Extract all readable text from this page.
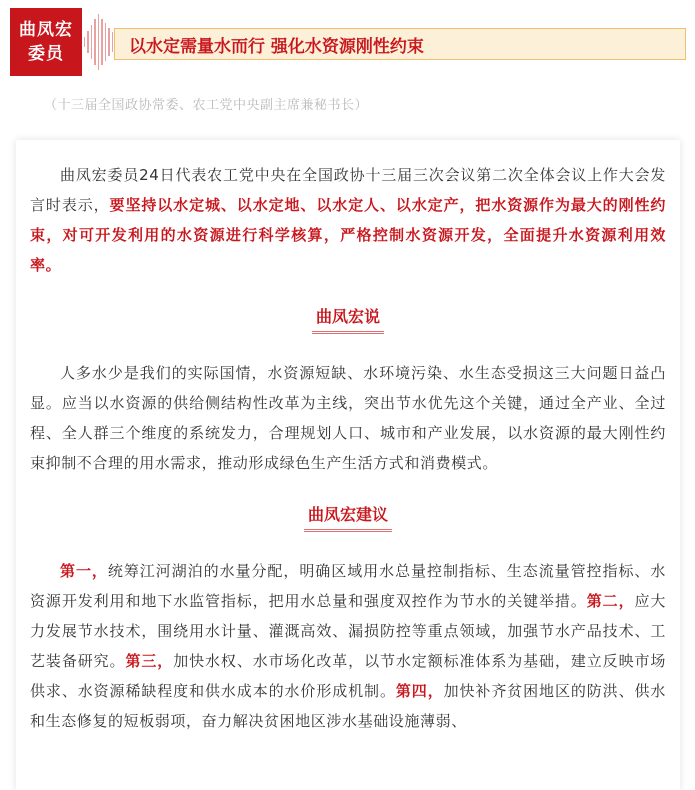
曲凤宏
委员	以水定需量水而行 强化水资源刚性约束
（十三届全国政协常委、农工党中央副主席兼秘书长）

曲凤宏委员24日代表农工党中央在全国政协十三届三次会议第二次全体会议上作大会发言时表示，要坚持以水定城、以水定地、以水定人、以水定产，把水资源作为最大的刚性约束，对可开发利用的水资源进行科学核算，严格控制水资源开发，全面提升水资源利用效率。

曲凤宏说

人多水少是我们的实际国情，水资源短缺、水环境污染、水生态受损这三大问题日益凸显。应当以水资源的供给侧结构性改革为主线，突出节水优先这个关键，通过全产业、全过程、全人群三个维度的系统发力，合理规划人口、城市和产业发展，以水资源的最大刚性约束抑制不合理的用水需求，推动形成绿色生产生活方式和消费模式。

曲凤宏建议

第一，统筹江河湖泊的水量分配，明确区域用水总量控制指标、生态流量管控指标、水资源开发利用和地下水监管指标，把用水总量和强度双控作为节水的关键举措。第二，应大力发展节水技术，围绕用水计量、灌溉高效、漏损防控等重点领域，加强节水产品技术、工艺装备研究。第三，加快水权、水市场化改革，以节水定额标准体系为基础，建立反映市场供求、水资源稀缺程度和供水成本的水价形成机制。第四，加快补齐贫困地区的防洪、供水和生态修复的短板弱项，奋力解决贫困地区涉水基础设施薄弱、
